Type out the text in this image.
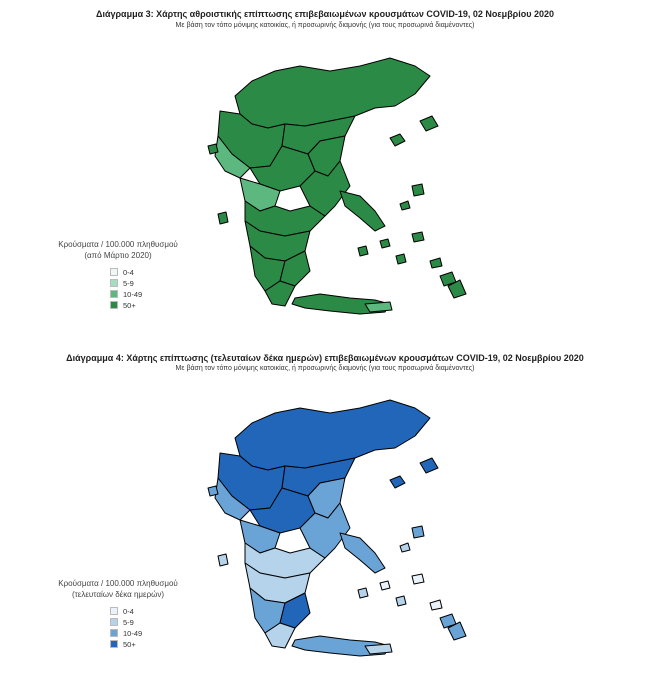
Διάγραμμα 3: Χάρτης αθροιστικής επίπτωσης επιβεβαιωμένων κρουσμάτων COVID-19, 02 Νοεμβρίου 2020
Με βάση τον τόπο μόνιμης κατοικίας, ή προσωρινής διαμονής (για τους προσωρινά διαμένοντες)
Κρούσματα / 100.000 πληθυσμού
(από Μάρτιο 2020)
0-4
5-9
10-49
50+
Διάγραμμα 4: Χάρτης επίπτωσης (τελευταίων δέκα ημερών) επιβεβαιωμένων κρουσμάτων COVID-19, 02 Νοεμβρίου 2020
Με βάση τον τόπο μόνιμης κατοικίας, ή προσωρινής διαμονής (για τους προσωρινά διαμένοντες)
Κρούσματα / 100.000 πληθυσμού
(τελευταίων δέκα ημερών)
0-4
5-9
10-49
50+
